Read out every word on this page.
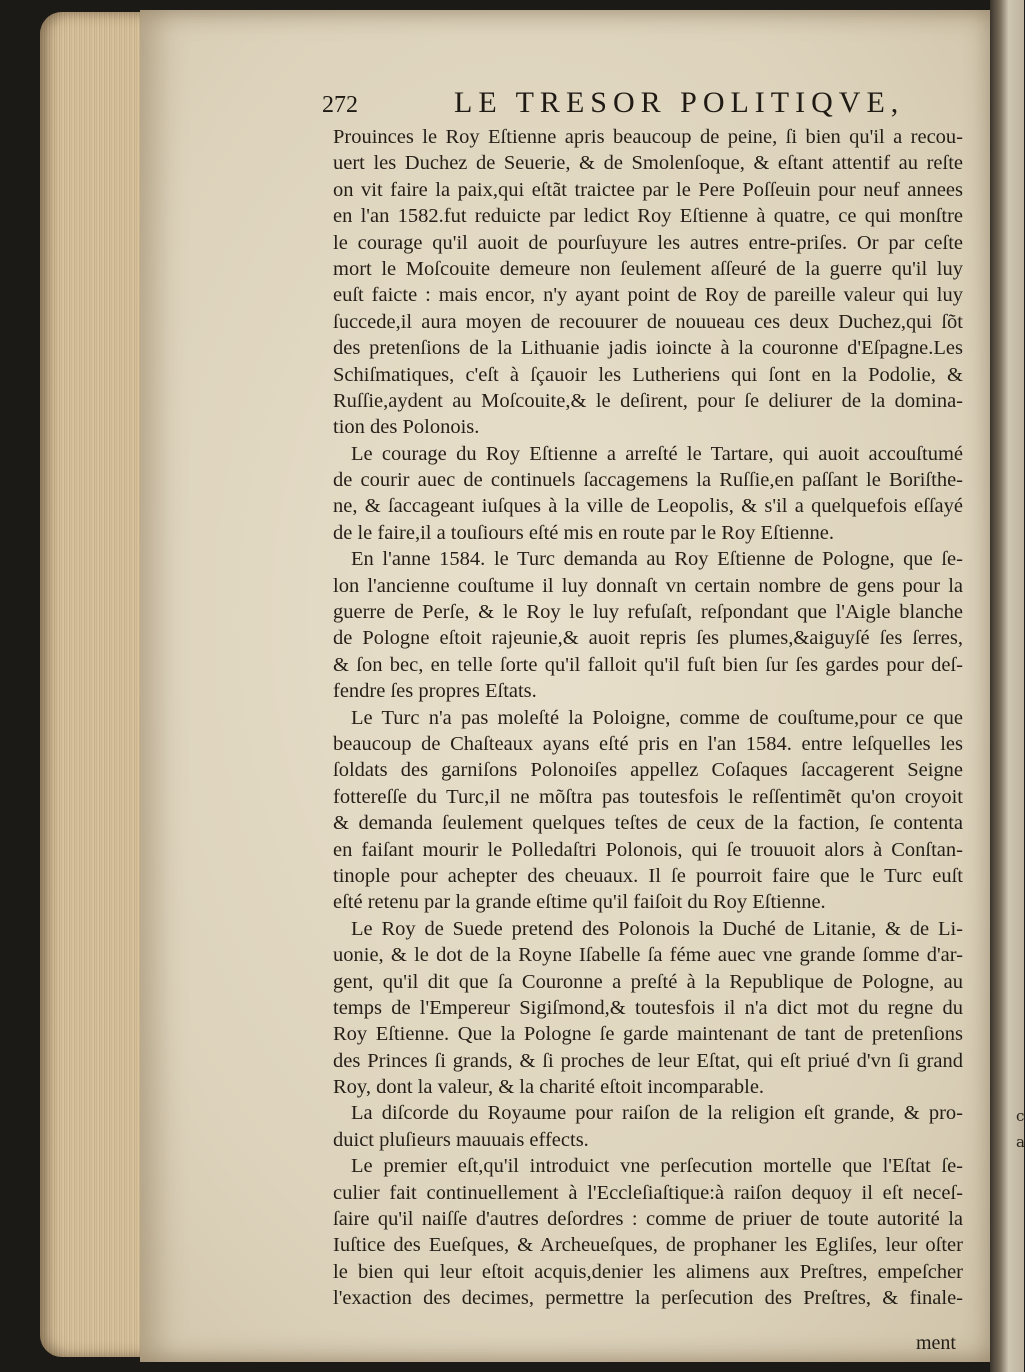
c
a
272	LE TRESOR POLITIQVE,
Prouinces le Roy Eſtienne apris beaucoup de peine, ſi bien qu'il a recou-
uert les Duchez de Seuerie, & de Smolenſoque, & eſtant attentif au reſte
on vit faire la paix,qui eſtãt traictee par le Pere Poſſeuin pour neuf annees
en l'an 1582.fut reduicte par ledict Roy Eſtienne à quatre, ce qui monſtre
le courage qu'il auoit de pourſuyure les autres entre-priſes. Or par ceſte
mort le Moſcouite demeure non ſeulement aſſeuré de la guerre qu'il luy
euſt faicte : mais encor, n'y ayant point de Roy de pareille valeur qui luy
ſuccede,il aura moyen de recouurer de nouueau ces deux Duchez,qui ſõt
des pretenſions de la Lithuanie jadis ioincte à la couronne d'Eſpagne.Les
Schiſmatiques, c'eſt à ſçauoir les Lutheriens qui ſont en la Podolie, &
Ruſſie,aydent au Moſcouite,& le deſirent, pour ſe deliurer de la domina-
tion des Polonois.
Le courage du Roy Eſtienne a arreſté le Tartare, qui auoit accouſtumé
de courir auec de continuels ſaccagemens la Ruſſie,en paſſant le Boriſthe-
ne, & ſaccageant iuſques à la ville de Leopolis, & s'il a quelquefois eſſayé
de le faire,il a touſiours eſté mis en route par le Roy Eſtienne.
En l'anne 1584. le Turc demanda au Roy Eſtienne de Pologne, que ſe-
lon l'ancienne couſtume il luy donnaſt vn certain nombre de gens pour la
guerre de Perſe, & le Roy le luy refuſaſt, reſpondant que l'Aigle blanche
de Pologne eſtoit rajeunie,& auoit repris ſes plumes,&aiguyſé ſes ſerres,
& ſon bec, en telle ſorte qu'il falloit qu'il fuſt bien ſur ſes gardes pour deſ-
fendre ſes propres Eſtats.
Le Turc n'a pas moleſté la Poloigne, comme de couſtume,pour ce que
beaucoup de Chaſteaux ayans eſté pris en l'an 1584. entre leſquelles les
ſoldats des garniſons Polonoiſes appellez Coſaques ſaccagerent Seigne
fottereſſe du Turc,il ne mõſtra pas toutesfois le reſſentimẽt qu'on croyoit
& demanda ſeulement quelques teſtes de ceux de la faction, ſe contenta
en faiſant mourir le Polledaſtri Polonois, qui ſe trouuoit alors à Conſtan-
tinople pour achepter des cheuaux. Il ſe pourroit faire que le Turc euſt
eſté retenu par la grande eſtime qu'il faiſoit du Roy Eſtienne.
Le Roy de Suede pretend des Polonois la Duché de Litanie, & de Li-
uonie, & le dot de la Royne Iſabelle ſa féme auec vne grande ſomme d'ar-
gent, qu'il dit que ſa Couronne a preſté à la Republique de Pologne, au
temps de l'Empereur Sigiſmond,& toutesfois il n'a dict mot du regne du
Roy Eſtienne. Que la Pologne ſe garde maintenant de tant de pretenſions
des Princes ſi grands, & ſi proches de leur Eſtat, qui eſt priué d'vn ſi grand
Roy, dont la valeur, & la charité eſtoit incomparable.
La diſcorde du Royaume pour raiſon de la religion eſt grande, & pro-
duict pluſieurs mauuais effects.
Le premier eſt,qu'il introduict vne perſecution mortelle que l'Eſtat ſe-
culier fait continuellement à l'Eccleſiaſtique:à raiſon dequoy il eſt neceſ-
ſaire qu'il naiſſe d'autres deſordres : comme de priuer de toute autorité la
Iuſtice des Eueſques, & Archeueſques, de prophaner les Egliſes, leur oſter
le bien qui leur eſtoit acquis,denier les alimens aux Preſtres, empeſcher
l'exaction des decimes, permettre la perſecution des Preſtres, & finale-
ment
